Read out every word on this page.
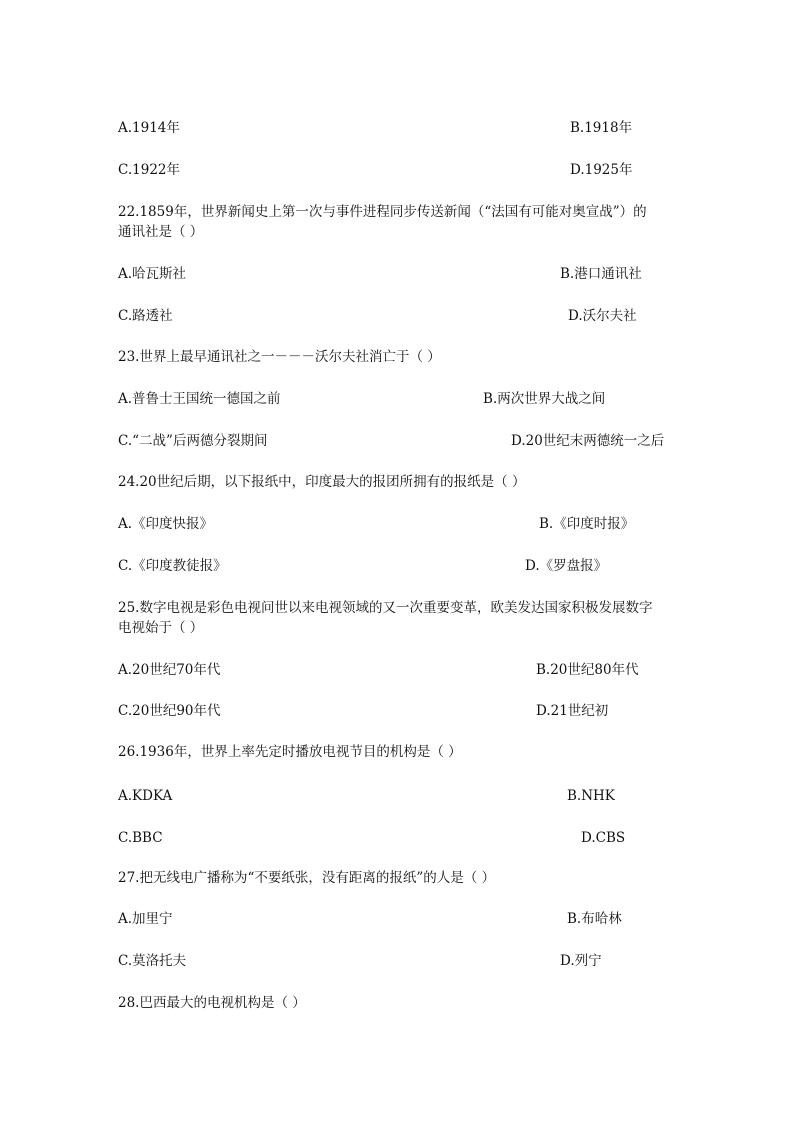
A.1914年	B.1918年
C.1922年	D.1925年
22.1859年，世界新闻史上第一次与事件进程同步传送新闻（“法国有可能对奥宣战”）的
通讯社是（ ）
A.哈瓦斯社	B.港口通讯社
C.路透社	D.沃尔夫社
23.世界上最早通讯社之一－－－沃尔夫社消亡于（ ）
A.普鲁士王国统一德国之前	B.两次世界大战之间
C.“二战”后两德分裂期间	D.20世纪末两德统一之后
24.20世纪后期，以下报纸中，印度最大的报团所拥有的报纸是（ ）
A.《印度快报》	B.《印度时报》
C.《印度教徒报》	D.《罗盘报》
25.数字电视是彩色电视问世以来电视领域的又一次重要变革，欧美发达国家积极发展数字
电视始于（ ）
A.20世纪70年代	B.20世纪80年代
C.20世纪90年代	D.21世纪初
26.1936年，世界上率先定时播放电视节目的机构是（ ）
A.KDKA	B.NHK
C.BBC	D.CBS
27.把无线电广播称为“不要纸张，没有距离的报纸”的人是（ ）
A.加里宁	B.布哈林
C.莫洛托夫	D.列宁
28.巴西最大的电视机构是（ ）
